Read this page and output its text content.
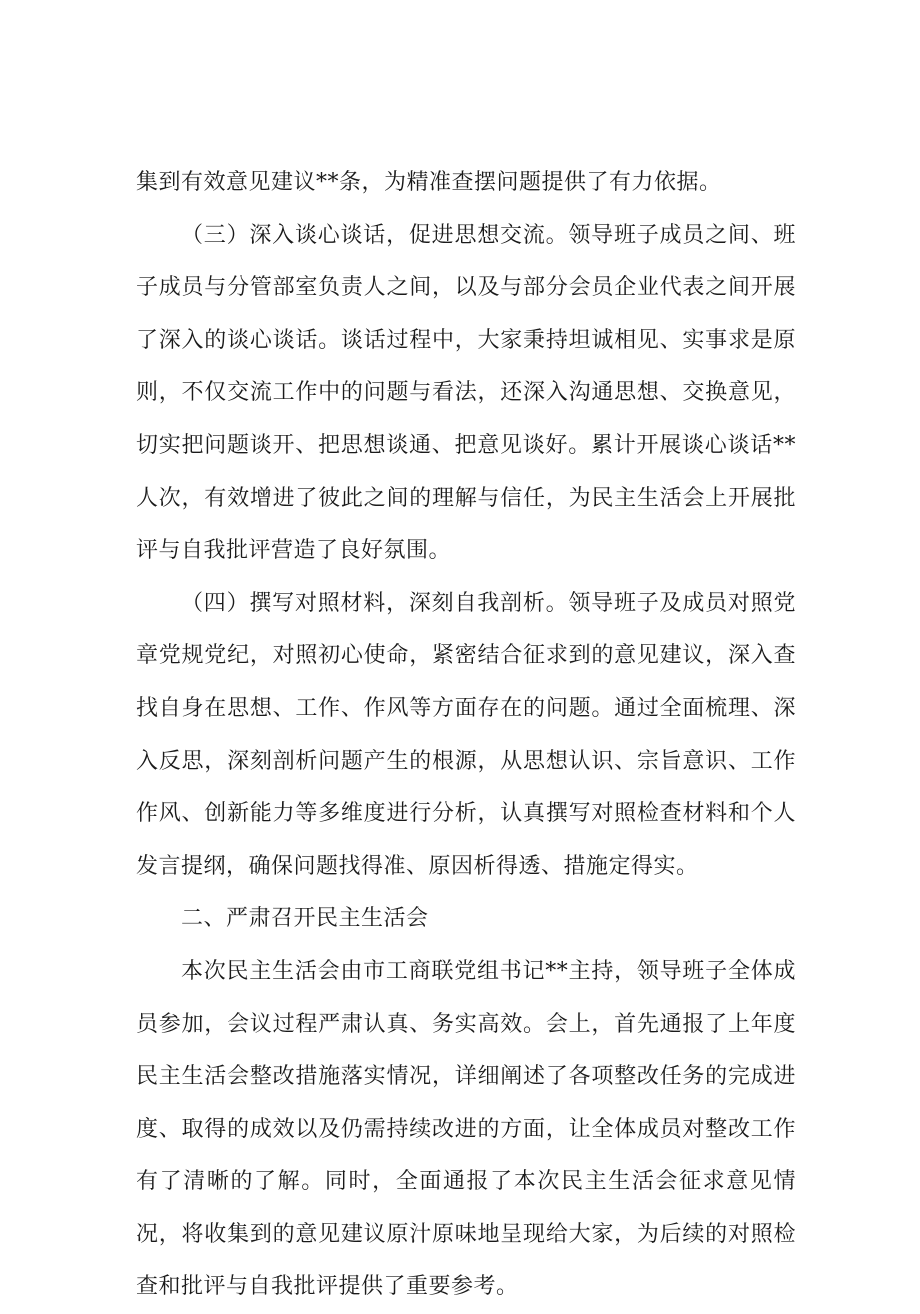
集到有效意见建议**条，为精准查摆问题提供了有力依据。

（三）深入谈心谈话，促进思想交流。领导班子成员之间、班子成员与分管部室负责人之间，以及与部分会员企业代表之间开展了深入的谈心谈话。谈话过程中，大家秉持坦诚相见、实事求是原则，不仅交流工作中的问题与看法，还深入沟通思想、交换意见，切实把问题谈开、把思想谈通、把意见谈好。累计开展谈心谈话**人次，有效增进了彼此之间的理解与信任，为民主生活会上开展批评与自我批评营造了良好氛围。

（四）撰写对照材料，深刻自我剖析。领导班子及成员对照党章党规党纪，对照初心使命，紧密结合征求到的意见建议，深入查找自身在思想、工作、作风等方面存在的问题。通过全面梳理、深入反思，深刻剖析问题产生的根源，从思想认识、宗旨意识、工作作风、创新能力等多维度进行分析，认真撰写对照检查材料和个人发言提纲，确保问题找得准、原因析得透、措施定得实。

二、严肃召开民主生活会

本次民主生活会由市工商联党组书记**主持，领导班子全体成员参加，会议过程严肃认真、务实高效。会上，首先通报了上年度民主生活会整改措施落实情况，详细阐述了各项整改任务的完成进度、取得的成效以及仍需持续改进的方面，让全体成员对整改工作有了清晰的了解。同时，全面通报了本次民主生活会征求意见情况，将收集到的意见建议原汁原味地呈现给大家，为后续的对照检查和批评与自我批评提供了重要参考。
